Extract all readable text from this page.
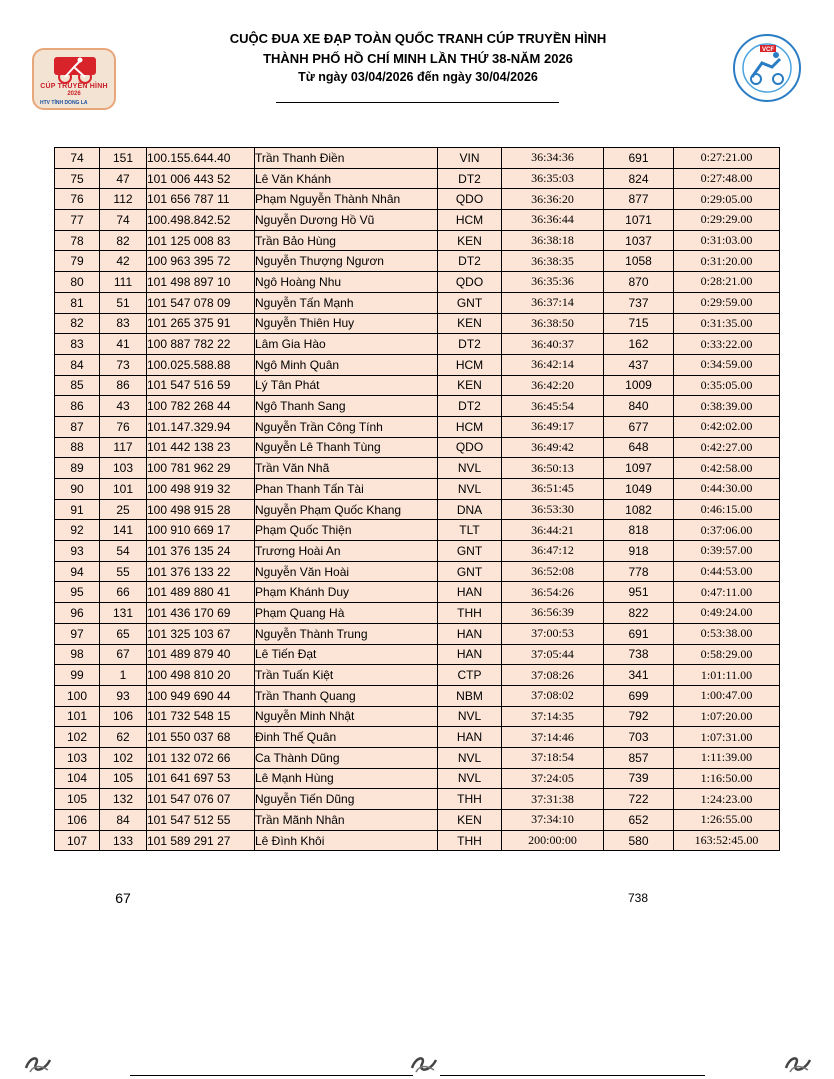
CÚP TRUYỀN HÌNH
2026
HTV TỈNH DONG LA
VCF
CUỘC ĐUA XE ĐẠP TOÀN QUỐC TRANH CÚP TRUYỀN HÌNH
THÀNH PHỐ HỒ CHÍ MINH LẦN THỨ 38-NĂM 2026
Từ ngày 03/04/2026 đến ngày 30/04/2026
74	151	100.155.644.40	Trần Thanh Điền	VIN	36:34:36	691	0:27:21.00
75	47	101 006 443 52	Lê Văn Khánh	DT2	36:35:03	824	0:27:48.00
76	112	101 656 787 11	Phạm Nguyễn Thành Nhân	QDO	36:36:20	877	0:29:05.00
77	74	100.498.842.52	Nguyễn Dương Hồ Vũ	HCM	36:36:44	1071	0:29:29.00
78	82	101 125 008 83	Trần Bảo Hùng	KEN	36:38:18	1037	0:31:03.00
79	42	100 963 395 72	Nguyễn Thượng Ngươn	DT2	36:38:35	1058	0:31:20.00
80	111	101 498 897 10	Ngô Hoàng Nhu	QDO	36:35:36	870	0:28:21.00
81	51	101 547 078 09	Nguyễn Tấn Mạnh	GNT	36:37:14	737	0:29:59.00
82	83	101 265 375 91	Nguyễn Thiên Huy	KEN	36:38:50	715	0:31:35.00
83	41	100 887 782 22	Lâm Gia Hào	DT2	36:40:37	162	0:33:22.00
84	73	100.025.588.88	Ngô Minh Quân	HCM	36:42:14	437	0:34:59.00
85	86	101 547 516 59	Lý Tân Phát	KEN	36:42:20	1009	0:35:05.00
86	43	100 782 268 44	Ngô Thanh Sang	DT2	36:45:54	840	0:38:39.00
87	76	101.147.329.94	Nguyễn Trần Công Tính	HCM	36:49:17	677	0:42:02.00
88	117	101 442 138 23	Nguyễn Lê Thanh Tùng	QDO	36:49:42	648	0:42:27.00
89	103	100 781 962 29	Trần Văn Nhã	NVL	36:50:13	1097	0:42:58.00
90	101	100 498 919 32	Phan Thanh Tấn Tài	NVL	36:51:45	1049	0:44:30.00
91	25	100 498 915 28	Nguyễn Phạm Quốc Khang	DNA	36:53:30	1082	0:46:15.00
92	141	100 910 669 17	Phạm Quốc Thiện	TLT	36:44:21	818	0:37:06.00
93	54	101 376 135 24	Trương Hoài An	GNT	36:47:12	918	0:39:57.00
94	55	101 376 133 22	Nguyễn Văn Hoài	GNT	36:52:08	778	0:44:53.00
95	66	101 489 880 41	Phạm Khánh Duy	HAN	36:54:26	951	0:47:11.00
96	131	101 436 170 69	Phạm Quang Hà	THH	36:56:39	822	0:49:24.00
97	65	101 325 103 67	Nguyễn Thành Trung	HAN	37:00:53	691	0:53:38.00
98	67	101 489 879 40	Lê Tiến Đạt	HAN	37:05:44	738	0:58:29.00
99	1	100 498 810 20	Trần Tuấn Kiệt	CTP	37:08:26	341	1:01:11.00
100	93	100 949 690 44	Trần Thanh Quang	NBM	37:08:02	699	1:00:47.00
101	106	101 732 548 15	Nguyễn Minh Nhật	NVL	37:14:35	792	1:07:20.00
102	62	101 550 037 68	Đinh Thế Quân	HAN	37:14:46	703	1:07:31.00
103	102	101 132 072 66	Ca Thành Dũng	NVL	37:18:54	857	1:11:39.00
104	105	101 641 697 53	Lê Mạnh Hùng	NVL	37:24:05	739	1:16:50.00
105	132	101 547 076 07	Nguyễn Tiến Dũng	THH	37:31:38	722	1:24:23.00
106	84	101 547 512 55	Trần Mãnh Nhân	KEN	37:34:10	652	1:26:55.00
107	133	101 589 291 27	Lê Đình Khôi	THH	200:00:00	580	163:52:45.00
67	738
